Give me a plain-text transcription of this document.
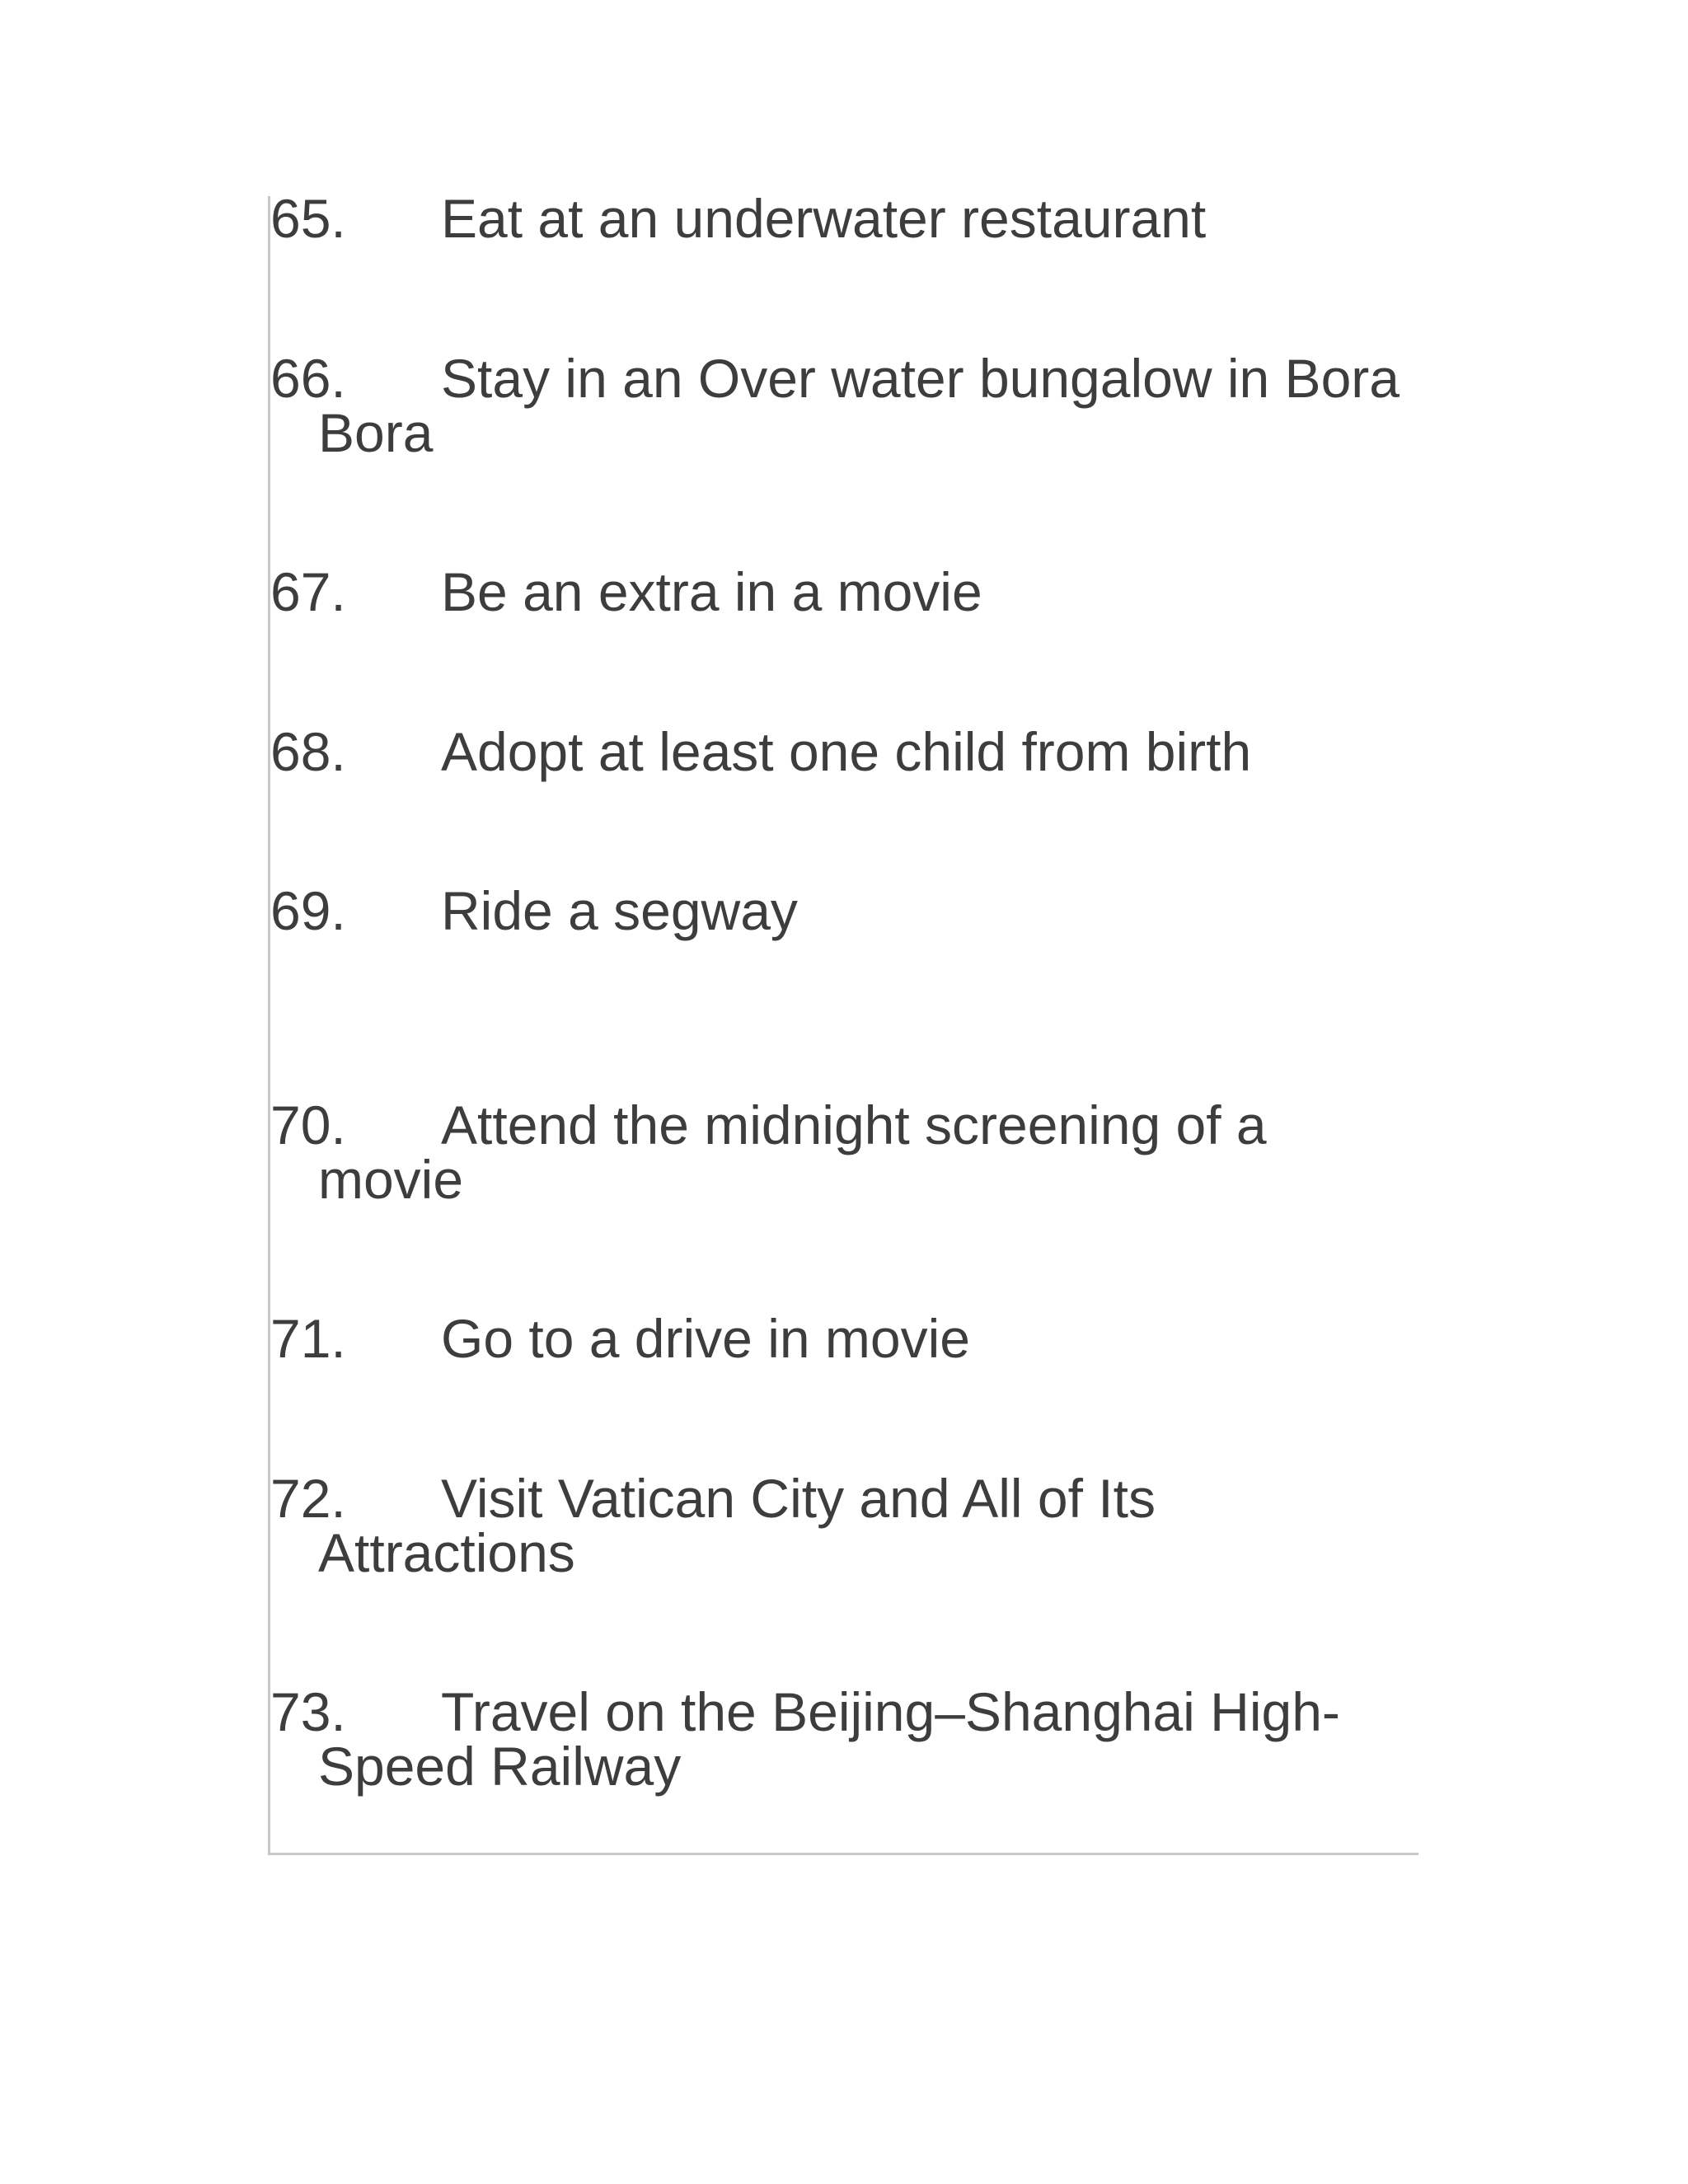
65. Eat at an underwater restaurant
66. Stay in an Over water bungalow in Bora
Bora
67. Be an extra in a movie
68. Adopt at least one child from birth
69. Ride a segway
70. Attend the midnight screening of a
movie
71. Go to a drive in movie
72. Visit Vatican City and All of Its
Attractions
73. Travel on the Beijing–Shanghai High-
Speed Railway
